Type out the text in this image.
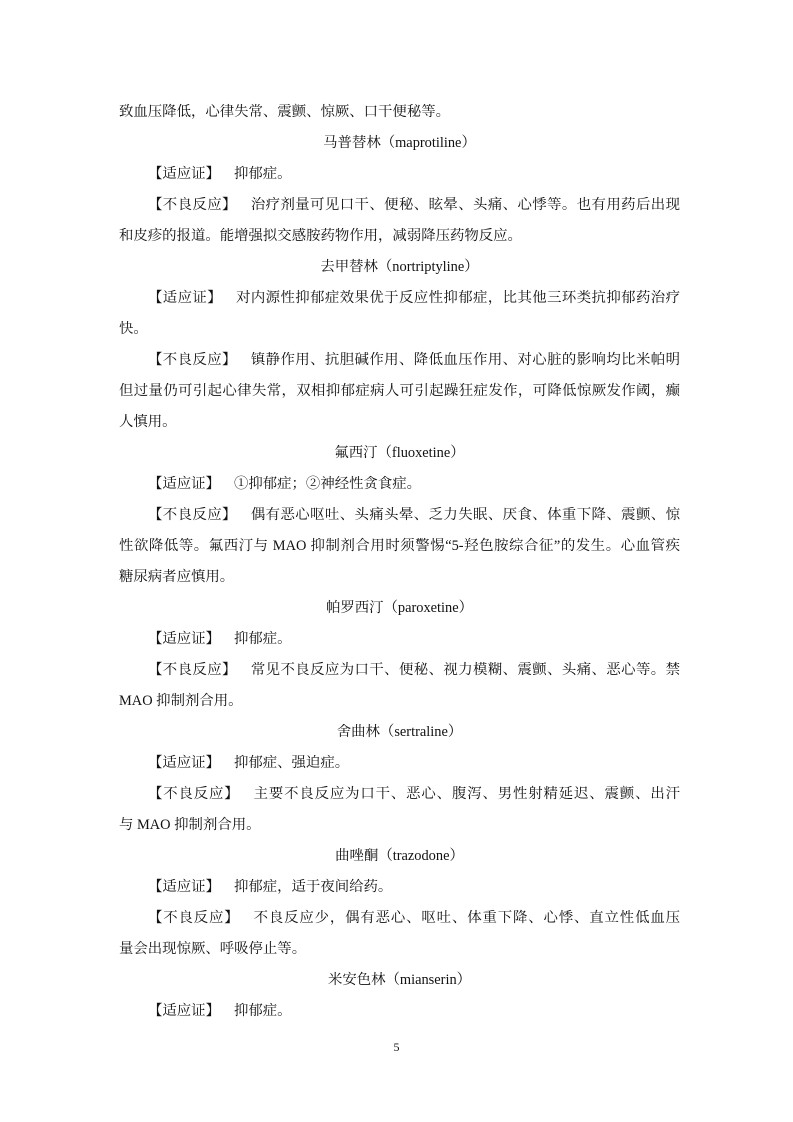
致血压降低，心律失常、震颤、惊厥、口干便秘等。
马普替林（maprotiline）
【适应证】 抑郁症。
【不良反应】 治疗剂量可见口干、便秘、眩晕、头痛、心悸等。也有用药后出现
和皮疹的报道。能增强拟交感胺药物作用，减弱降压药物反应。
去甲替林（nortriptyline）
【适应证】 对内源性抑郁症效果优于反应性抑郁症，比其他三环类抗抑郁药治疗
快。
【不良反应】 镇静作用、抗胆碱作用、降低血压作用、对心脏的影响均比米帕明
但过量仍可引起心律失常，双相抑郁症病人可引起躁狂症发作，可降低惊厥发作阈，癫
人慎用。
氟西汀（fluoxetine）
【适应证】 ①抑郁症；②神经性贪食症。
【不良反应】 偶有恶心呕吐、头痛头晕、乏力失眠、厌食、体重下降、震颤、惊
性欲降低等。氟西汀与 MAO 抑制剂合用时须警惕“5-羟色胺综合征”的发生。心血管疾
糖尿病者应慎用。
帕罗西汀（paroxetine）
【适应证】 抑郁症。
【不良反应】 常见不良反应为口干、便秘、视力模糊、震颤、头痛、恶心等。禁
MAO 抑制剂合用。
舍曲林（sertraline）
【适应证】 抑郁症、强迫症。
【不良反应】 主要不良反应为口干、恶心、腹泻、男性射精延迟、震颤、出汗
与 MAO 抑制剂合用。
曲唑酮（trazodone）
【适应证】 抑郁症，适于夜间给药。
【不良反应】 不良反应少，偶有恶心、呕吐、体重下降、心悸、直立性低血压
量会出现惊厥、呼吸停止等。
米安色林（mianserin）
【适应证】 抑郁症。
5
